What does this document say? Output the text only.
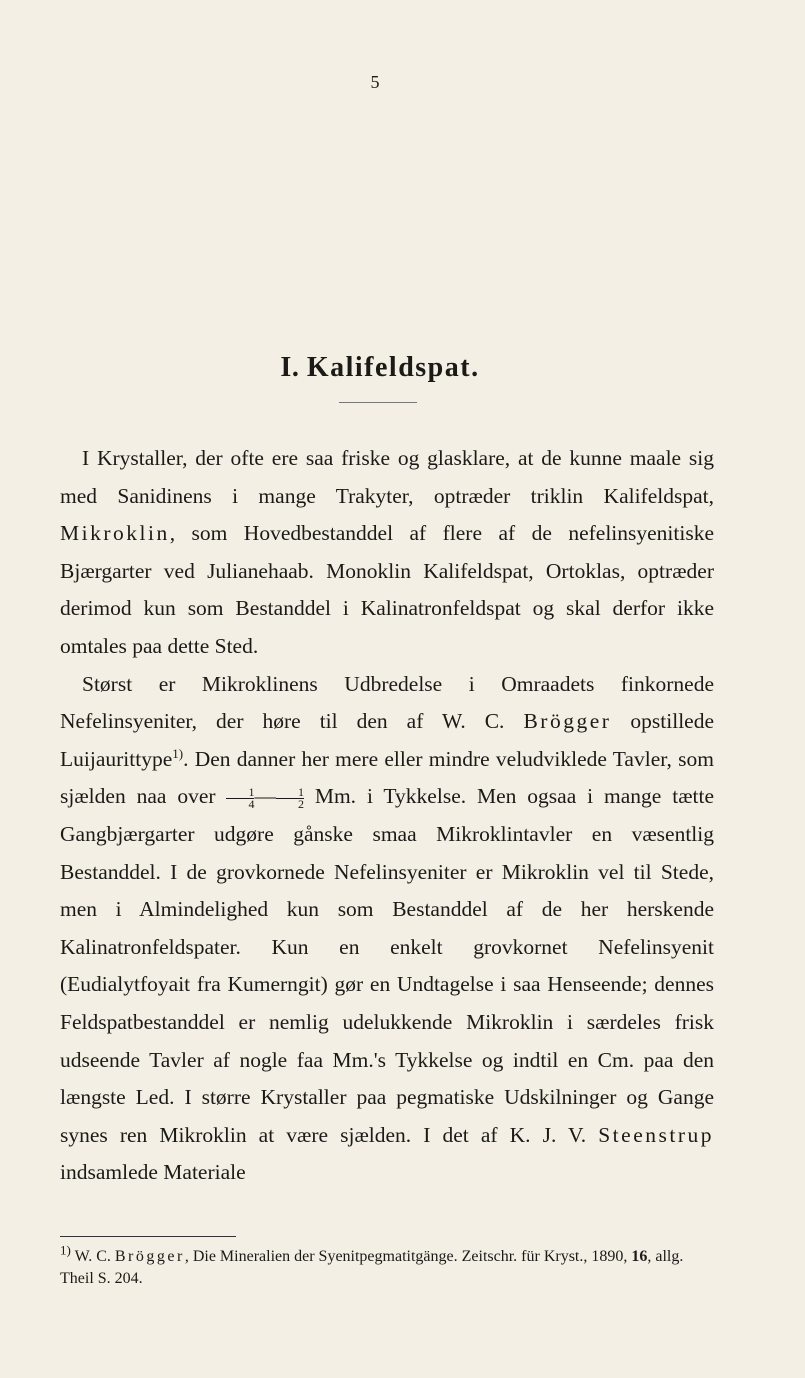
5
I. Kalifeldspat.

I Krystaller, der ofte ere saa friske og glasklare, at de kunne maale sig med Sanidinens i mange Trakyter, optræder triklin Kalifeldspat, Mikroklin, som Hovedbestanddel af flere af de nefelinsyenitiske Bjærgarter ved Julianehaab. Monoklin Kalifeldspat, Ortoklas, optræder derimod kun som Bestanddel i Kalinatronfeldspat og skal derfor ikke omtales paa dette Sted.

Størst er Mikroklinens Udbredelse i Omraadets finkornede Nefelinsyeniter, der høre til den af W. C. Brögger opstillede Luijaurittype$^{1)}$. Den danner her mere eller mindre veludviklede Tavler, som sjælden naa over $\frac{1}{4}$ — $\frac{1}{2} Mm$. i Tykkelse. Men ogsaa i mange tætte Gangbjærgarter udgøre gånske smaa Mikroklintavler en væsentlig Bestanddel. I de grovkornede Nefelinsyeniter er Mikroklin vel til Stede, men i Almindelighed kun som Bestanddel af de her herskende Kalinatronfeldspater. Kun en enkelt grovkornet Nefelinsyenit (Eudialytfoyait fra Kumerngit) gør en Undtagelse i saa Henseende; dennes Feldspatbestanddel er nemlig udelukkende Mikroklin i særdeles frisk udseende Tavler af nogle faa Mm.'s Tykkelse og indtil en Cm. paa den længste Led. I større Krystaller paa pegmatiske Udskilninger og Gange synes ren Mikroklin at være sjælden. I det af K. J. V. Steenstrup indsamlede Materiale

$^{1)}$ W. C. Brögger, Die Mineralien der Syenitpegmatitgänge. Zeitschr. für Kryst., 1890, 16, allg. Theil S. 204.
